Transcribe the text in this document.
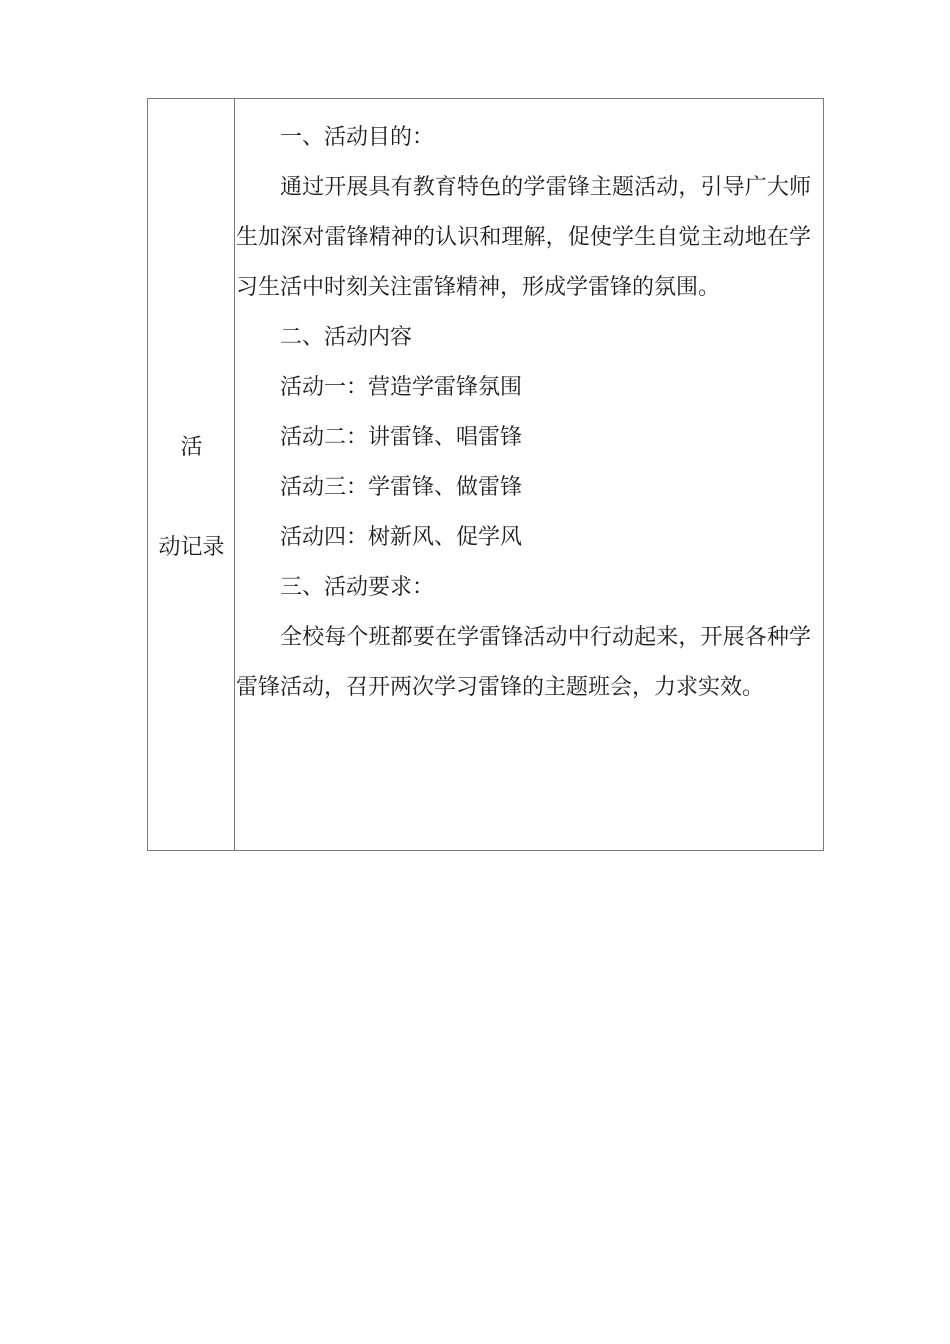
活
动记录

一、活动目的：

通过开展具有教育特色的学雷锋主题活动，引导广大师生加深对雷锋精神的认识和理解，促使学生自觉主动地在学习生活中时刻关注雷锋精神，形成学雷锋的氛围。

二、活动内容

活动一：营造学雷锋氛围

活动二：讲雷锋、唱雷锋

活动三：学雷锋、做雷锋

活动四：树新风、促学风

三、活动要求：

全校每个班都要在学雷锋活动中行动起来，开展各种学雷锋活动，召开两次学习雷锋的主题班会，力求实效。
